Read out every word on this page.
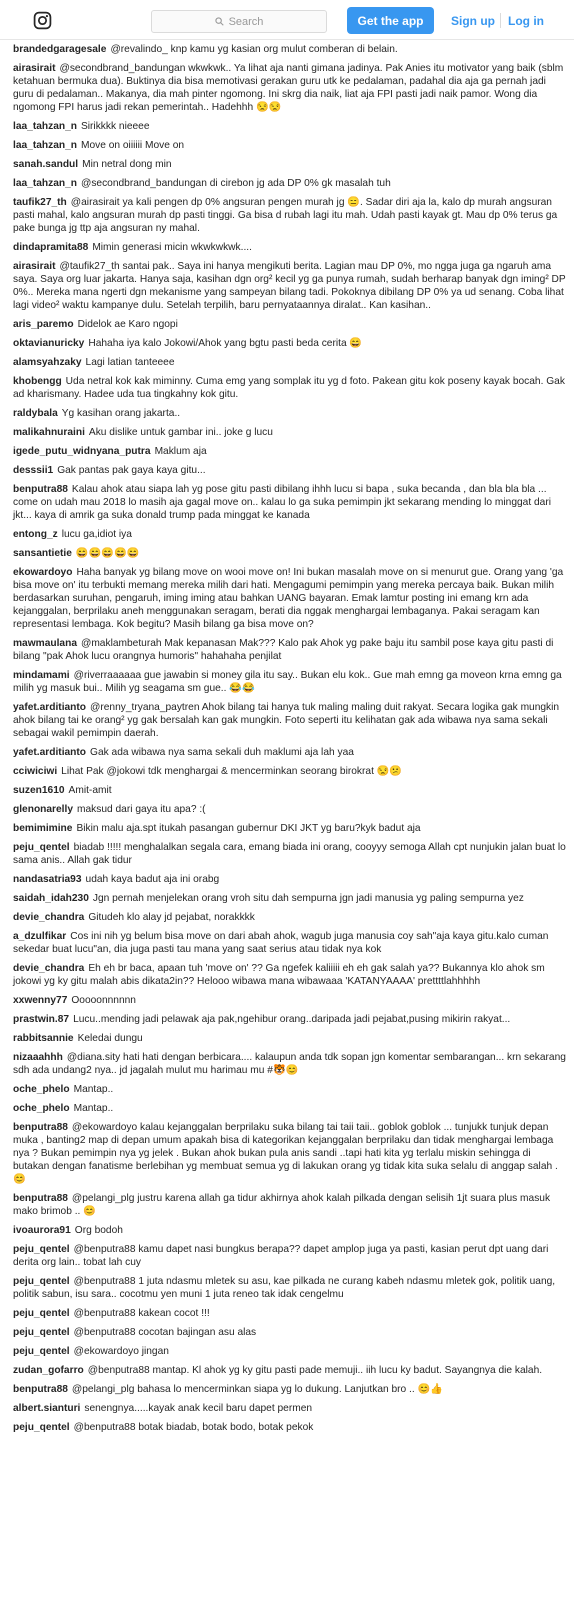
Search	Get the app	Sign up Log in
brandedgaragesale @revalindo_ knp kamu yg kasian org mulut comberan di belain.
airasirait @secondbrand_bandungan wkwkwk.. Ya lihat aja nanti gimana jadinya. Pak Anies itu motivator yang baik (sblm ketahuan bermuka dua). Buktinya dia bisa memotivasi gerakan guru utk ke pedalaman, padahal dia aja ga pernah jadi guru di pedalaman.. Makanya, dia mah pinter ngomong. Ini skrg dia naik, liat aja FPI pasti jadi naik pamor. Wong dia ngomong FPI harus jadi rekan pemerintah.. Hadehhh 😒😒
laa_tahzan_n Sirikkkk nieeee
laa_tahzan_n Move on oiiiiii Move on
sanah.sandul Min netral dong min
laa_tahzan_n @secondbrand_bandungan di cirebon jg ada DP 0% gk masalah tuh
taufik27_th @airasirait ya kali pengen dp 0% angsuran pengen murah jg 😑. Sadar diri aja la, kalo dp murah angsuran pasti mahal, kalo angsuran murah dp pasti tinggi. Ga bisa d rubah lagi itu mah. Udah pasti kayak gt. Mau dp 0% terus ga pake bunga jg ttp aja angsuran ny mahal.
dindapramita88 Mimin generasi micin wkwkwkwk....
airasirait @taufik27_th santai pak.. Saya ini hanya mengikuti berita. Lagian mau DP 0%, mo ngga juga ga ngaruh ama saya. Saya org luar jakarta. Hanya saja, kasihan dgn org² kecil yg ga punya rumah, sudah berharap banyak dgn iming² DP 0%.. Mereka mana ngerti dgn mekanisme yang sampeyan bilang tadi. Pokoknya dibilang DP 0% ya ud senang. Coba lihat lagi video² waktu kampanye dulu. Setelah terpilih, baru pernyataannya diralat.. Kan kasihan..
aris_paremo Didelok ae Karo ngopi
oktavianuricky Hahaha iya kalo Jokowi/Ahok yang bgtu pasti beda cerita 😄
alamsyahzaky Lagi latian tanteeee
khobengg Uda netral kok kak miminny. Cuma emg yang somplak itu yg d foto. Pakean gitu kok poseny kayak bocah. Gak ad kharismany. Hadee uda tua tingkahny kok gitu.
raldybala Yg kasihan orang jakarta..
malikahnuraini Aku dislike untuk gambar ini.. joke g lucu
igede_putu_widnyana_putra Maklum aja
desssii1 Gak pantas pak gaya kaya gitu...
benputra88 Kalau ahok atau siapa lah yg pose gitu pasti dibilang ihhh lucu si bapa , suka becanda , dan bla bla bla ... come on udah mau 2018 lo masih aja gagal move on.. kalau lo ga suka pemimpin jkt sekarang mending lo minggat dari jkt... kaya di amrik ga suka donald trump pada minggat ke kanada
entong_z lucu ga,idiot iya
sansantietie 😄😄😄😄😄
ekowardoyo Haha banyak yg bilang move on wooi move on! Ini bukan masalah move on si menurut gue. Orang yang 'ga bisa move on' itu terbukti memang mereka milih dari hati. Mengagumi pemimpin yang mereka percaya baik. Bukan milih berdasarkan suruhan, pengaruh, iming iming atau bahkan UANG bayaran. Emak lamtur posting ini emang krn ada kejanggalan, berprilaku aneh menggunakan seragam, berati dia nggak menghargai lembaganya. Pakai seragam kan representasi lembaga. Kok begitu? Masih bilang ga bisa move on?
mawmaulana @maklambeturah Mak kepanasan Mak??? Kalo pak Ahok yg pake baju itu sambil pose kaya gitu pasti di bilang "pak Ahok lucu orangnya humoris" hahahaha penjilat
mindamami @riverraaaaaa gue jawabin si money gila itu say.. Bukan elu kok.. Gue mah emng ga moveon krna emng ga milih yg masuk bui.. Milih yg seagama sm gue.. 😂😂
yafet.arditianto @renny_tryana_paytren Ahok bilang tai hanya tuk maling maling duit rakyat. Secara logika gak mungkin ahok bilang tai ke orang² yg gak bersalah kan gak mungkin. Foto seperti itu kelihatan gak ada wibawa nya sama sekali sebagai wakil pemimpin daerah.
yafet.arditianto Gak ada wibawa nya sama sekali duh maklumi aja lah yaa
cciwiciwi Lihat Pak @jokowi tdk menghargai & mencerminkan seorang birokrat 😒😕
suzen1610 Amit-amit
glenonarelly maksud dari gaya itu apa? :(
bemimimine Bikin malu aja.spt itukah pasangan gubernur DKI JKT yg baru?kyk badut aja
peju_qentel biadab !!!!! menghalalkan segala cara, emang biada ini orang, cooyyy semoga Allah cpt nunjukin jalan buat lo sama anis.. Allah gak tidur
nandasatria93 udah kaya badut aja ini orabg
saidah_idah230 Jgn pernah menjelekan orang vroh situ dah sempurna jgn jadi manusia yg paling sempurna yez
devie_chandra Gitudeh klo alay jd pejabat, norakkkk
a_dzulfikar Cos ini nih yg belum bisa move on dari abah ahok, wagub juga manusia coy sah"aja kaya gitu.kalo cuman sekedar buat lucu"an, dia juga pasti tau mana yang saat serius atau tidak nya kok
devie_chandra Eh eh br baca, apaan tuh 'move on' ?? Ga ngefek kaliiiii eh eh gak salah ya?? Bukannya klo ahok sm jokowi yg ky gitu malah abis dikata2in?? Helooo wibawa mana wibawaaa 'KATANYAAAA' prettttlahhhhh
xxwenny77 Ooooonnnnnn
prastwin.87 Lucu..mending jadi pelawak aja pak,ngehibur orang..daripada jadi pejabat,pusing mikirin rakyat...
rabbitsannie Keledai dungu
nizaaahhh @diana.sity hati hati dengan berbicara.... kalaupun anda tdk sopan jgn komentar sembarangan... krn sekarang sdh ada undang2 nya.. jd jagalah mulut mu harimau mu #🐯😊
oche_phelo Mantap..
oche_phelo Mantap..
benputra88 @ekowardoyo kalau kejanggalan berprilaku suka bilang tai taii taii.. goblok goblok ... tunjukk tunjuk depan muka , banting2 map di depan umum apakah bisa di kategorikan kejanggalan berprilaku dan tidak menghargai lembaga nya ? Bukan pemimpin nya yg jelek . Bukan ahok bukan pula anis sandi ..tapi hati kita yg terlalu miskin sehingga di butakan dengan fanatisme berlebihan yg membuat semua yg di lakukan orang yg tidak kita suka selalu di anggap salah . 😊
benputra88 @pelangi_plg justru karena allah ga tidur akhirnya ahok kalah pilkada dengan selisih 1jt suara plus masuk mako brimob .. 😊
ivoaurora91 Org bodoh
peju_qentel @benputra88 kamu dapet nasi bungkus berapa?? dapet amplop juga ya pasti, kasian perut dpt uang dari derita org lain.. tobat lah cuy
peju_qentel @benputra88 1 juta ndasmu mletek su asu, kae pilkada ne curang kabeh ndasmu mletek gok, politik uang, politik sabun, isu sara.. cocotmu yen muni 1 juta reneo tak idak cengelmu
peju_qentel @benputra88 kakean cocot !!!
peju_qentel @benputra88 cocotan bajingan asu alas
peju_qentel @ekowardoyo jingan
zudan_gofarro @benputra88 mantap. Kl ahok yg ky gitu pasti pade memuji.. iih lucu ky badut. Sayangnya die kalah.
benputra88 @pelangi_plg bahasa lo mencerminkan siapa yg lo dukung. Lanjutkan bro .. 😊👍
albert.sianturi senengnya.....kayak anak kecil baru dapet permen
peju_qentel @benputra88 botak biadab, botak bodo, botak pekok
